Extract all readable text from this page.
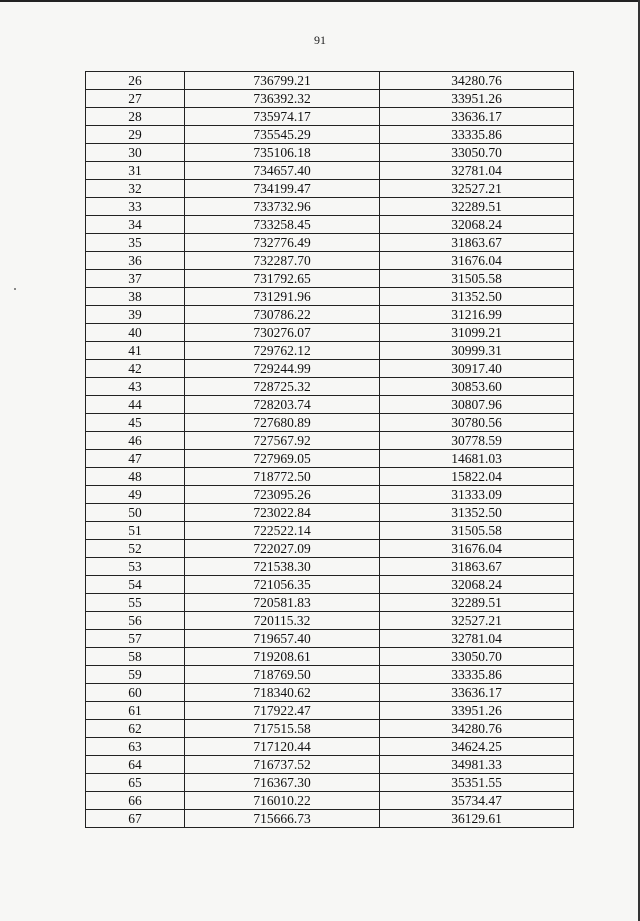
91
26	736799.21	34280.76
27	736392.32	33951.26
28	735974.17	33636.17
29	735545.29	33335.86
30	735106.18	33050.70
31	734657.40	32781.04
32	734199.47	32527.21
33	733732.96	32289.51
34	733258.45	32068.24
35	732776.49	31863.67
36	732287.70	31676.04
37	731792.65	31505.58
38	731291.96	31352.50
39	730786.22	31216.99
40	730276.07	31099.21
41	729762.12	30999.31
42	729244.99	30917.40
43	728725.32	30853.60
44	728203.74	30807.96
45	727680.89	30780.56
46	727567.92	30778.59
47	727969.05	14681.03
48	718772.50	15822.04
49	723095.26	31333.09
50	723022.84	31352.50
51	722522.14	31505.58
52	722027.09	31676.04
53	721538.30	31863.67
54	721056.35	32068.24
55	720581.83	32289.51
56	720115.32	32527.21
57	719657.40	32781.04
58	719208.61	33050.70
59	718769.50	33335.86
60	718340.62	33636.17
61	717922.47	33951.26
62	717515.58	34280.76
63	717120.44	34624.25
64	716737.52	34981.33
65	716367.30	35351.55
66	716010.22	35734.47
67	715666.73	36129.61
